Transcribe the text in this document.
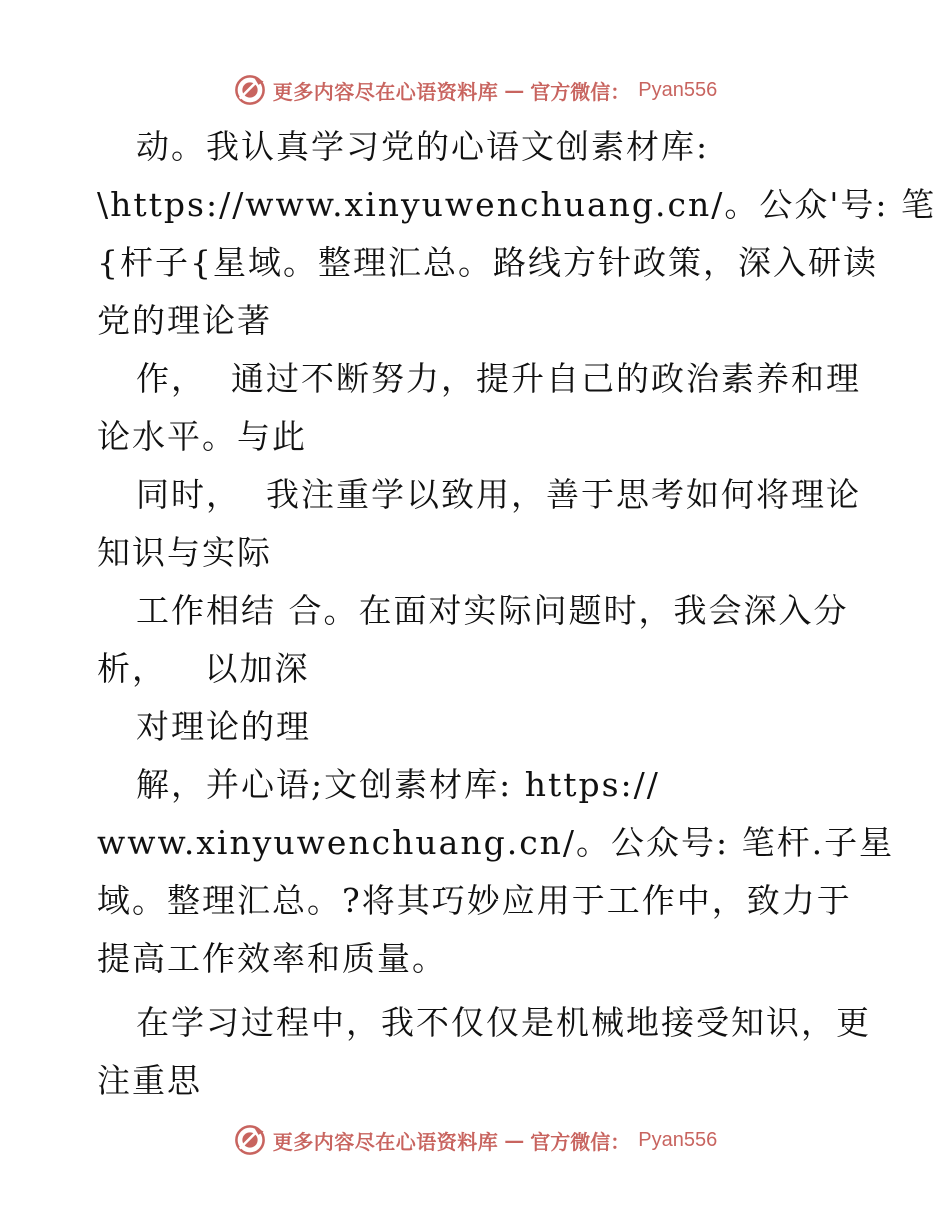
更多内容尽在心语资料库 — 官方微信： Pyan556
动。我认真学习党的心语文创素材库:
\https://www.xinyuwenchuang.cn/。公众'号: 笔
{杆子{星域。整理汇总。路线方针政策，深入研读
党的理论著
作，  通过不断努力，提升自己的政治素养和理
论水平。与此
同时，  我注重学以致用，善于思考如何将理论
知识与实际
工作相结 合。在面对实际问题时，我会深入分
析，   以加深
对理论的理
解，并心语;文创素材库: https://
www.xinyuwenchuang.cn/。公众号: 笔杆.子星
域。整理汇总。?将其巧妙应用于工作中，致力于
提高工作效率和质量。
在学习过程中，我不仅仅是机械地接受知识，更
注重思
更多内容尽在心语资料库 — 官方微信： Pyan556
